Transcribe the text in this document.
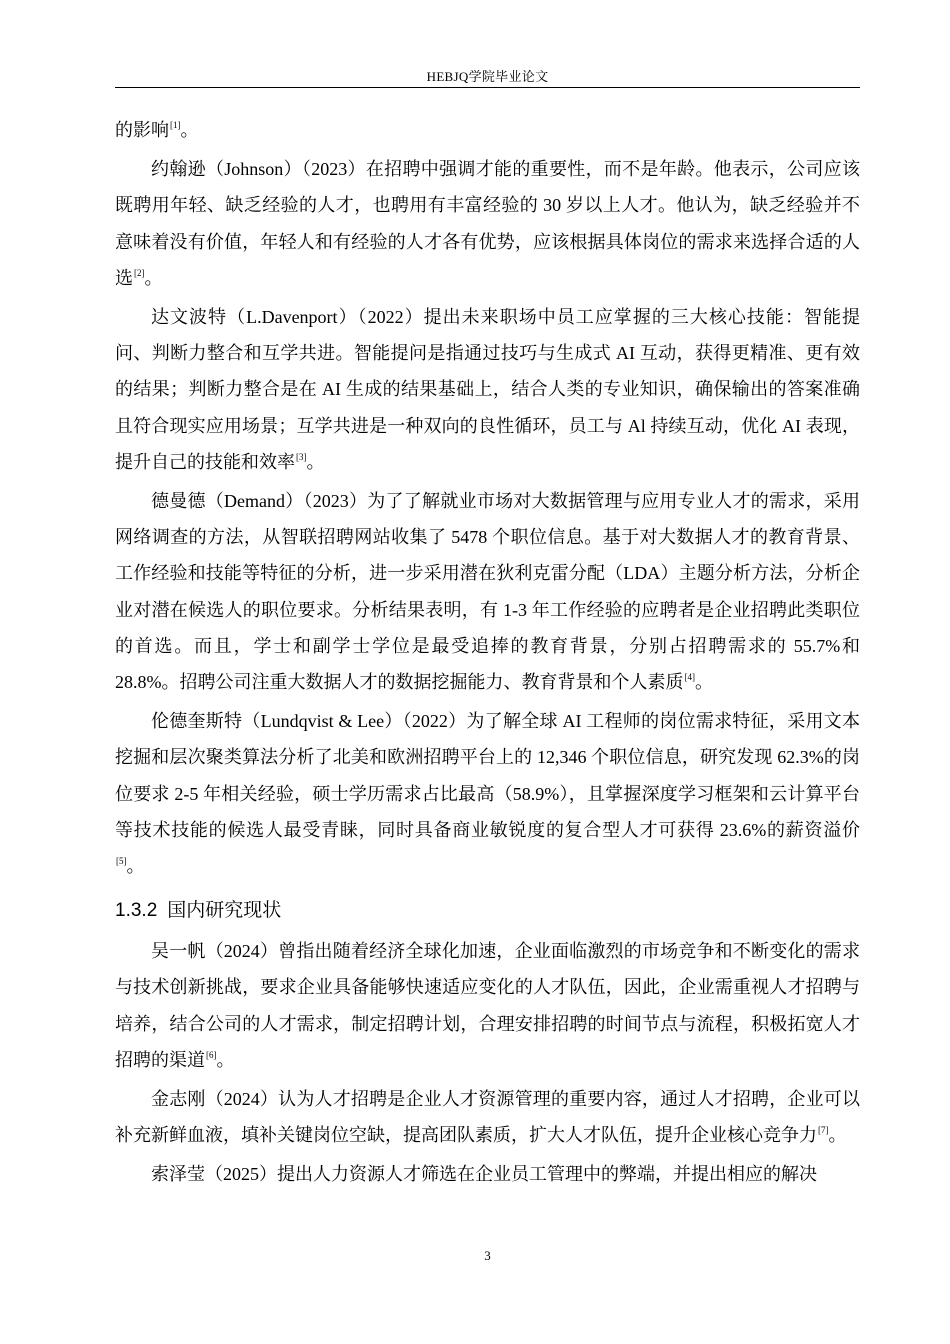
HEBJQ学院毕业论文

的影响[1]。

约翰逊（Johnson）（2023）在招聘中强调才能的重要性，而不是年龄。他表示，公司应该既聘用年轻、缺乏经验的人才，也聘用有丰富经验的 30 岁以上人才。他认为，缺乏经验并不意味着没有价值，年轻人和有经验的人才各有优势，应该根据具体岗位的需求来选择合适的人选[2]。

达文波特（L.Davenport）（2022）提出未来职场中员工应掌握的三大核心技能：智能提问、判断力整合和互学共进。智能提问是指通过技巧与生成式 AI 互动，获得更精准、更有效的结果；判断力整合是在 AI 生成的结果基础上，结合人类的专业知识，确保输出的答案准确且符合现实应用场景；互学共进是一种双向的良性循环，员工与 Al 持续互动，优化 AI 表现，提升自己的技能和效率[3]。

德曼德（Demand）（2023）为了了解就业市场对大数据管理与应用专业人才的需求，采用网络调查的方法，从智联招聘网站收集了 5478 个职位信息。基于对大数据人才的教育背景、工作经验和技能等特征的分析，进一步采用潜在狄利克雷分配（LDA）主题分析方法，分析企业对潜在候选人的职位要求。分析结果表明，有 1-3 年工作经验的应聘者是企业招聘此类职位的首选。而且，学士和副学士学位是最受追捧的教育背景，分别占招聘需求的 55.7%和 28.8%。招聘公司注重大数据人才的数据挖掘能力、教育背景和个人素质[4]。

伦德奎斯特（Lundqvist & Lee）（2022）为了解全球 AI 工程师的岗位需求特征，采用文本挖掘和层次聚类算法分析了北美和欧洲招聘平台上的 12,346 个职位信息，研究发现 62.3%的岗位要求 2-5 年相关经验，硕士学历需求占比最高（58.9%），且掌握深度学习框架和云计算平台等技术技能的候选人最受青睐，同时具备商业敏锐度的复合型人才可获得 23.6%的薪资溢价[5]。

1.3.2 国内研究现状

吴一帆（2024）曾指出随着经济全球化加速，企业面临激烈的市场竞争和不断变化的需求与技术创新挑战，要求企业具备能够快速适应变化的人才队伍，因此，企业需重视人才招聘与培养，结合公司的人才需求，制定招聘计划，合理安排招聘的时间节点与流程，积极拓宽人才招聘的渠道[6]。

金志刚（2024）认为人才招聘是企业人才资源管理的重要内容，通过人才招聘，企业可以补充新鲜血液，填补关键岗位空缺，提高团队素质，扩大人才队伍，提升企业核心竞争力[7]。

索泽莹（2025）提出人力资源人才筛选在企业员工管理中的弊端，并提出相应的解决

3
